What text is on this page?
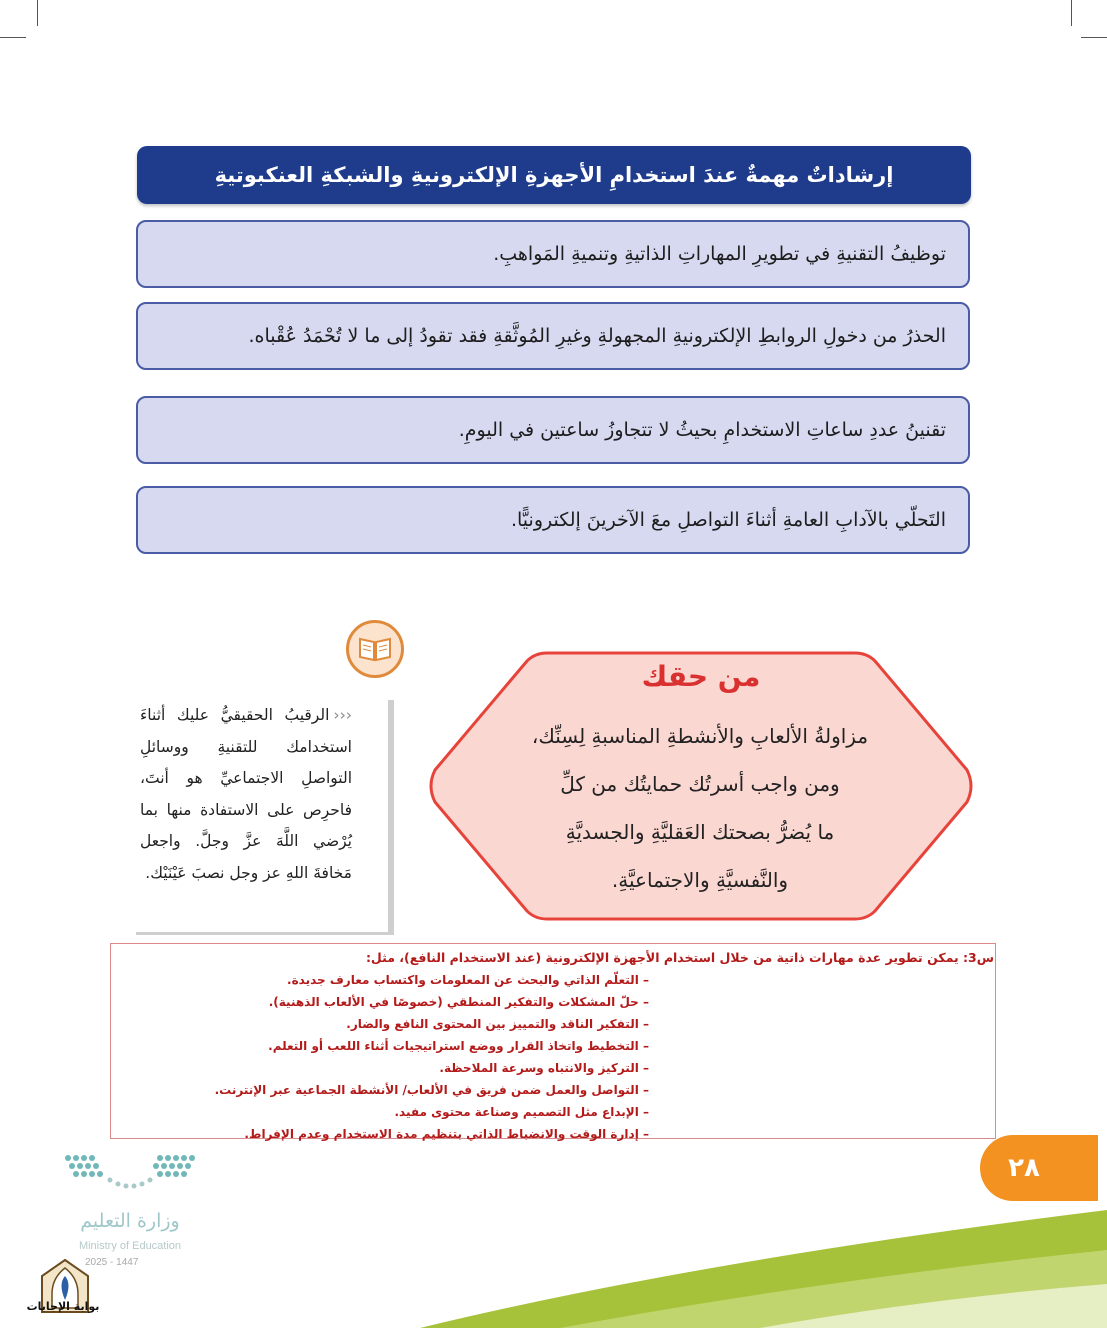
إرشاداتٌ مهمةٌ عندَ استخدامِ الأجهزةِ الإلكترونيةِ والشبكةِ العنكبوتيةِ
توظيفُ التقنيةِ في تطويرِ المهاراتِ الذاتيةِ وتنميةِ المَواهبِ.
الحذرُ من دخولِ الروابطِ الإلكترونيةِ المجهولةِ وغيرِ المُوثَّقةِ فقد تقودُ إلى ما لا تُحْمَدُ عُقْباه.
تقنينُ عددِ ساعاتِ الاستخدامِ بحيثُ لا تتجاوزُ ساعتين في اليومِ.
التَحلّي بالآدابِ العامةِ أثناءَ التواصلِ معَ الآخرينَ إلكترونيًّا.
‹‹‹الرقيبُ الحقيقيُّ عليك أثناءَ استخدامك للتقنيةِ ووسائلِ التواصلِ الاجتماعيِّ هو أنتَ، فاحرِص على الاستفادة منها بما يُرْضي اللَّهَ عزَّ وجلَّ. واجعل مَخافةَ اللهِ عز وجل نصبَ عَيْنَيْك.
من حقك
مزاولةُ الألعابِ والأنشطةِ المناسبةِ لِسِنِّك،
ومن واجب أسرتُك حمايتُك من كلِّ
ما يُضرُّ بصحتك العَقليَّةِ والجسديَّةِ
والنَّفسيَّةِ والاجتماعيَّةِ.
س3: يمكن تطوير عدة مهارات ذاتية من خلال استخدام الأجهزة الإلكترونية (عند الاستخدام النافع)، مثل:
– التعلّم الذاتي والبحث عن المعلومات واكتساب معارف جديدة.
– حلّ المشكلات والتفكير المنطقي (خصوصًا في الألعاب الذهنية).
– التفكير الناقد والتمييز بين المحتوى النافع والضار.
– التخطيط واتخاذ القرار ووضع استراتيجيات أثناء اللعب أو التعلم.
– التركيز والانتباه وسرعة الملاحظة.
– التواصل والعمل ضمن فريق في الألعاب/ الأنشطة الجماعية عبر الإنترنت.
– الإبداع مثل التصميم وصناعة محتوى مفيد.
– إدارة الوقت والانضباط الذاتي بتنظيم مدة الاستخدام وعدم الإفراط.
٢٨
وزارة التعليم
Ministry of Education
2025 - 1447
بوابة الإجابات
